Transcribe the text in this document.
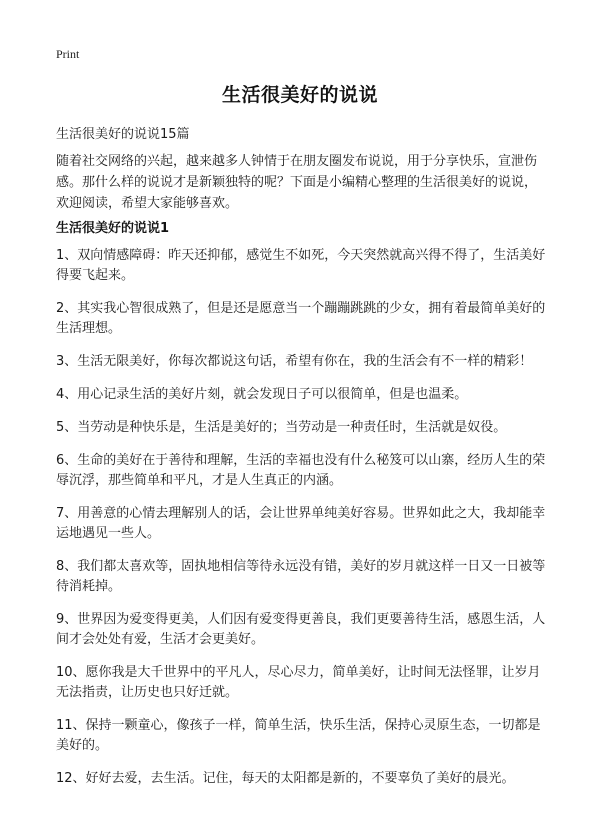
Print
生活很美好的说说
生活很美好的说说15篇
随着社交网络的兴起，越来越多人钟情于在朋友圈发布说说，用于分享快乐，宣泄伤感。那什么样的说说才是新颖独特的呢？下面是小编精心整理的生活很美好的说说，欢迎阅读，希望大家能够喜欢。
生活很美好的说说1
1、双向情感障碍：昨天还抑郁，感觉生不如死，今天突然就高兴得不得了，生活美好得要飞起来。
2、其实我心智很成熟了，但是还是愿意当一个蹦蹦跳跳的少女，拥有着最简单美好的生活理想。
3、生活无限美好，你每次都说这句话，希望有你在，我的生活会有不一样的精彩！
4、用心记录生活的美好片刻，就会发现日子可以很简单，但是也温柔。
5、当劳动是种快乐是，生活是美好的；当劳动是一种责任时，生活就是奴役。
6、生命的美好在于善待和理解，生活的幸福也没有什么秘笈可以山寨，经历人生的荣辱沉浮，那些简单和平凡，才是人生真正的内涵。
7、用善意的心情去理解别人的话，会让世界单纯美好容易。世界如此之大，我却能幸运地遇见一些人。
8、我们都太喜欢等，固执地相信等待永远没有错，美好的岁月就这样一日又一日被等待消耗掉。
9、世界因为爱变得更美，人们因有爱变得更善良，我们更要善待生活，感恩生活，人间才会处处有爱，生活才会更美好。
10、愿你我是大千世界中的平凡人，尽心尽力，简单美好，让时间无法怪罪，让岁月无法指责，让历史也只好迁就。
11、保持一颗童心，像孩子一样，简单生活，快乐生活，保持心灵原生态，一切都是美好的。
12、好好去爱，去生活。记住，每天的太阳都是新的，不要辜负了美好的晨光。
